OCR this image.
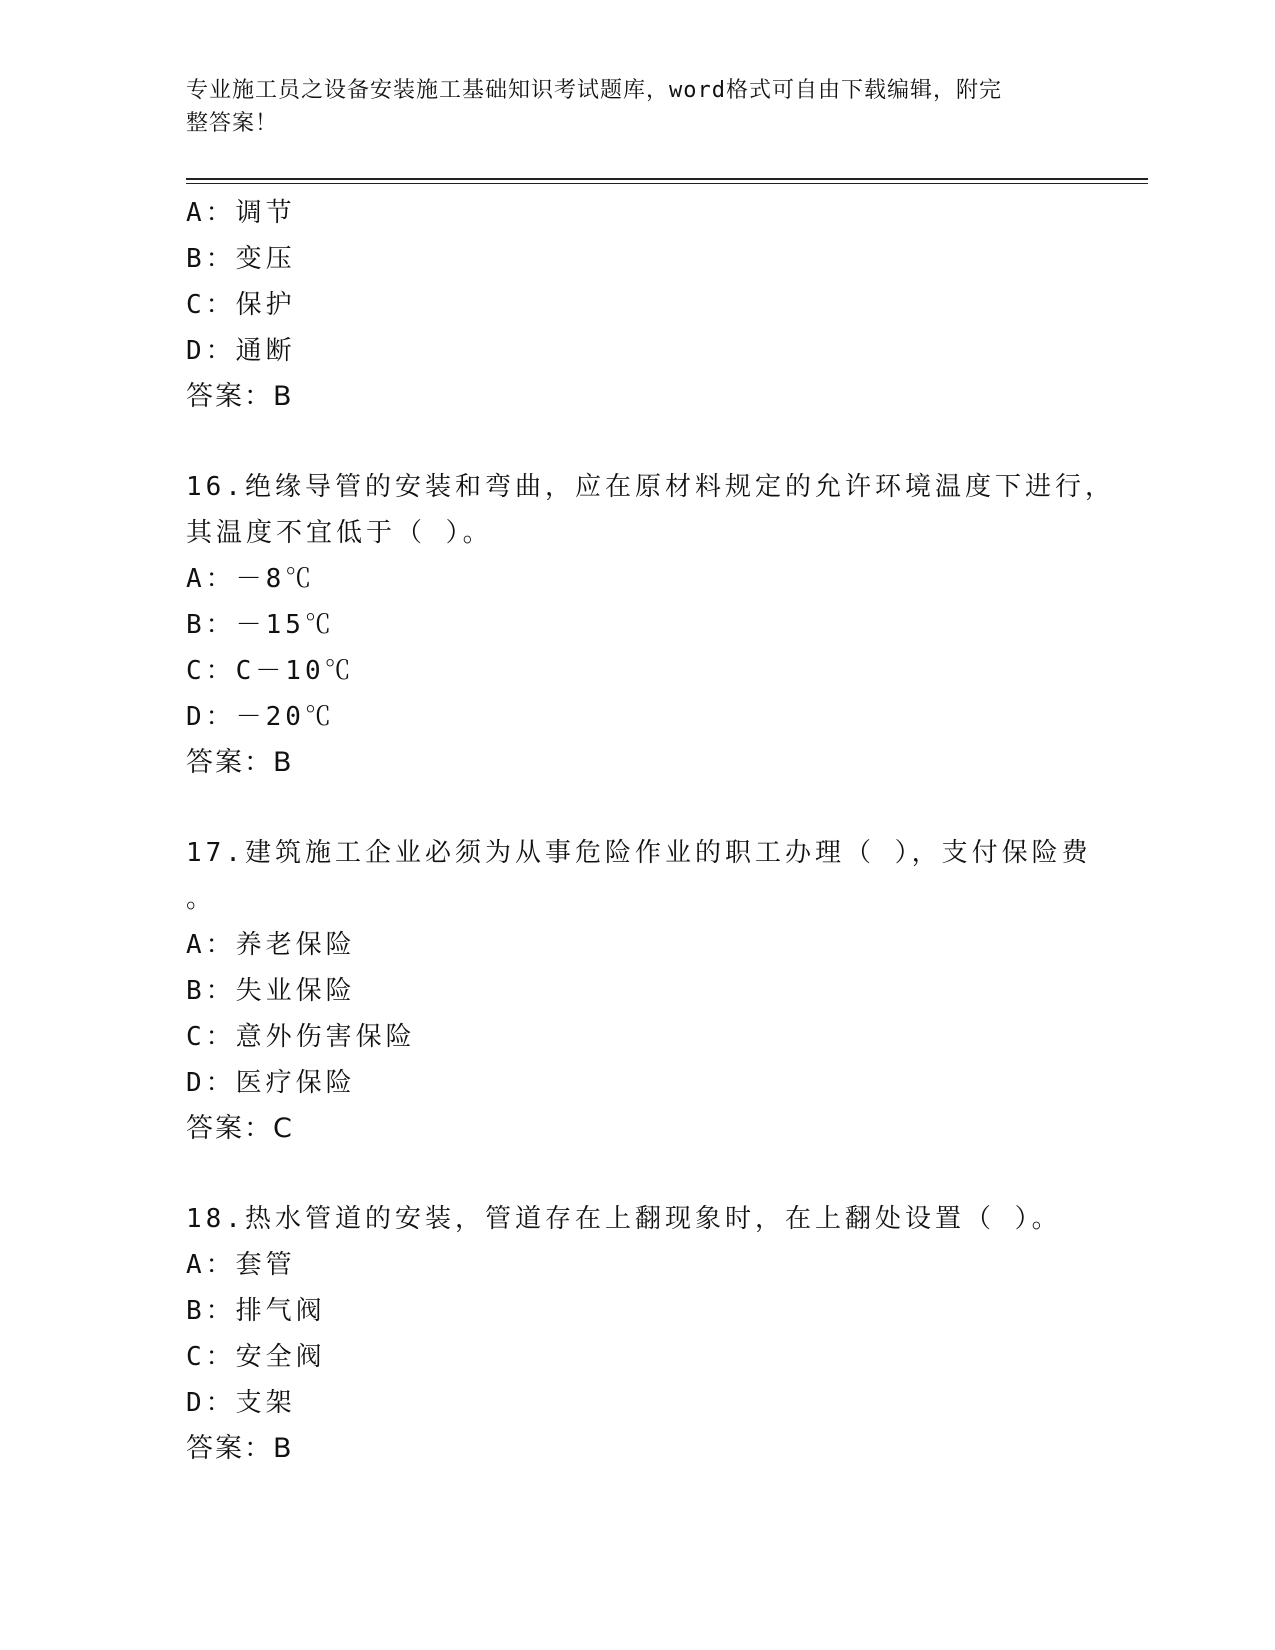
专业施工员之设备安装施工基础知识考试题库，word格式可自由下载编辑，附完
整答案！
A：调节
B：变压
C：保护
D：通断
答案：B
16.绝缘导管的安装和弯曲，应在原材料规定的允许环境温度下进行，
其温度不宜低于（ ）。
A：－8℃
B：－15℃
C：C－10℃
D：－20℃
答案：B
17.建筑施工企业必须为从事危险作业的职工办理（ ），支付保险费
。
A：养老保险
B：失业保险
C：意外伤害保险
D：医疗保险
答案：C
18.热水管道的安装，管道存在上翻现象时，在上翻处设置（ ）。
A：套管
B：排气阀
C：安全阀
D：支架
答案：B
